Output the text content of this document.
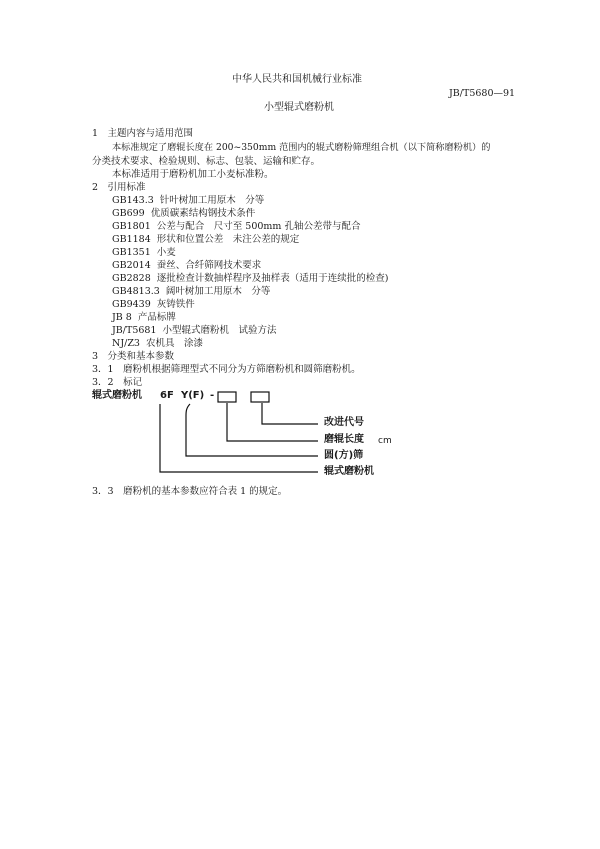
中华人民共和国机械行业标准
JB/T5680—91
小型辊式磨粉机
1　主题内容与适用范围
本标准规定了磨辊长度在 200~350mm 范围内的辊式磨粉筛理组合机（以下简称磨粉机）的
分类技术要求、检验规则、标志、包装、运输和贮存。
本标准适用于磨粉机加工小麦标准粉。
2　引用标准
GB143.3 针叶树加工用原木　分等
GB699 优质碳素结构钢技术条件
GB1801 公差与配合　尺寸至 500mm 孔轴公差带与配合
GB1184 形状和位置公差　未注公差的规定
GB1351 小麦
GB2014 蚕丝、合纤筛网技术要求
GB2828 逐批检查计数抽样程序及抽样表（适用于连续批的检查)
GB4813.3 阔叶树加工用原木　分等
GB9439 灰铸铁件
JB 8 产品标牌
JB/T5681 小型辊式磨粉机　试验方法
NJ/Z3 农机具　涂漆
3　分类和基本参数
3．1　磨粉机根据筛理型式不同分为方筛磨粉机和圆筛磨粉机。
3．2　标记
辊式磨粉机 6F Y(F) -
改进代号
磨辊长度 cm
圆(方)筛
辊式磨粉机
3．3　磨粉机的基本参数应符合表 1 的规定。
